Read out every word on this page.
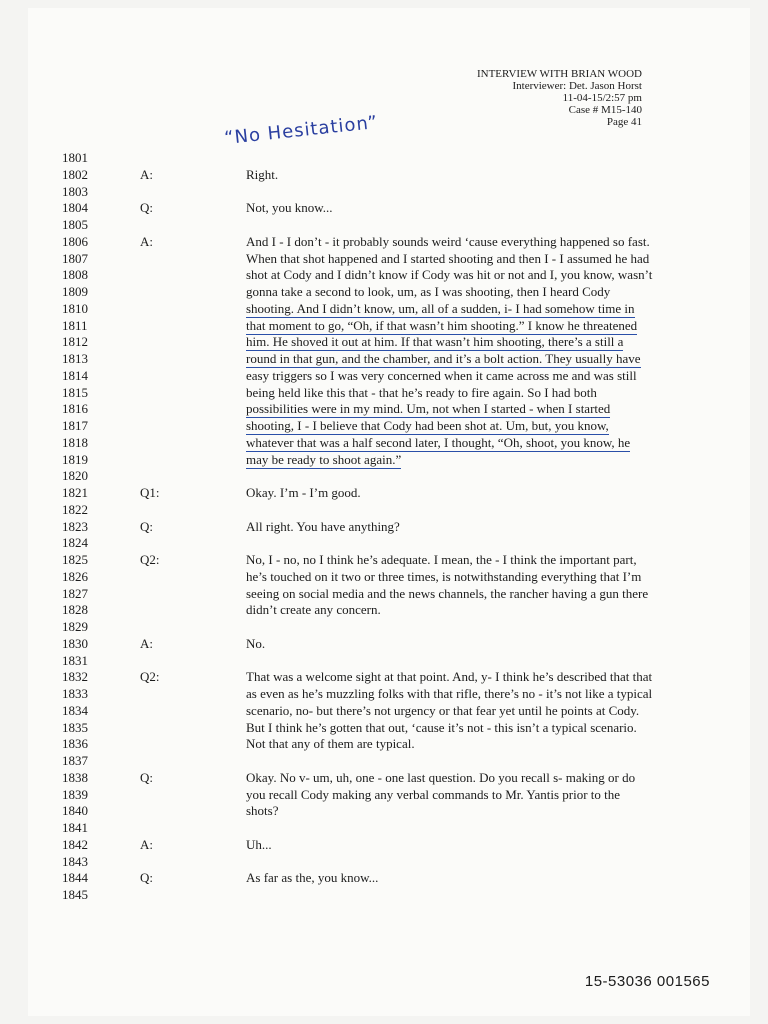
INTERVIEW WITH BRIAN WOOD
Interviewer: Det. Jason Horst
11-04-15/2:57 pm
Case # M15-140
Page 41
“No Hesitation”
1801
1802	A:	Right.
1803
1804	Q:	Not, you know...
1805
1806	A:	And I - I don’t - it probably sounds weird ‘cause everything happened so fast.
1807	When that shot happened and I started shooting and then I - I assumed he had
1808	shot at Cody and I didn’t know if Cody was hit or not and I, you know, wasn’t
1809	gonna take a second to look, um, as I was shooting, then I heard Cody
1810	shooting. And I didn’t know, um, all of a sudden, i- I had somehow time in
1811	that moment to go, “Oh, if that wasn’t him shooting.” I know he threatened
1812	him. He shoved it out at him. If that wasn’t him shooting, there’s a still a
1813	round in that gun, and the chamber, and it’s a bolt action. They usually have
1814	easy triggers so I was very concerned when it came across me and was still
1815	being held like this that - that he’s ready to fire again. So I had both
1816	possibilities were in my mind. Um, not when I started - when I started
1817	shooting, I - I believe that Cody had been shot at. Um, but, you know,
1818	whatever that was a half second later, I thought, “Oh, shoot, you know, he
1819	may be ready to shoot again.”
1820
1821	Q1:	Okay. I’m - I’m good.
1822
1823	Q:	All right. You have anything?
1824
1825	Q2:	No, I - no, no I think he’s adequate. I mean, the - I think the important part,
1826	he’s touched on it two or three times, is notwithstanding everything that I’m
1827	seeing on social media and the news channels, the rancher having a gun there
1828	didn’t create any concern.
1829
1830	A:	No.
1831
1832	Q2:	That was a welcome sight at that point. And, y- I think he’s described that that
1833	as even as he’s muzzling folks with that rifle, there’s no - it’s not like a typical
1834	scenario, no- but there’s not urgency or that fear yet until he points at Cody.
1835	But I think he’s gotten that out, ‘cause it’s not - this isn’t a typical scenario.
1836	Not that any of them are typical.
1837
1838	Q:	Okay. No v- um, uh, one - one last question. Do you recall s- making or do
1839	you recall Cody making any verbal commands to Mr. Yantis prior to the
1840	shots?
1841
1842	A:	Uh...
1843
1844	Q:	As far as the, you know...
1845
15-53036 001565
